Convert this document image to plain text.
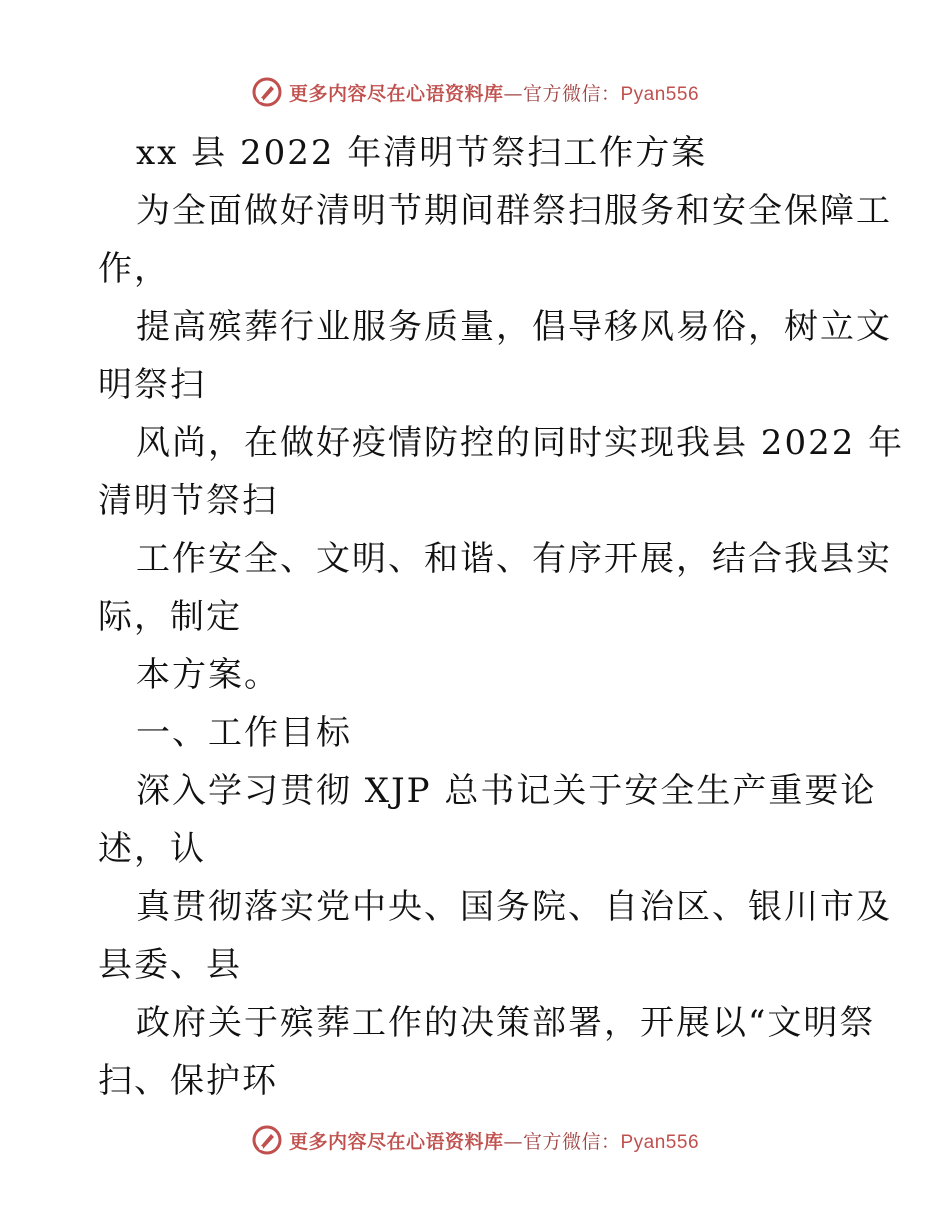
更多内容尽在心语资料库—官方微信：Pyan556
xx 县 2022 年清明节祭扫工作方案
为全面做好清明节期间群祭扫服务和安全保障工
作，
提高殡葬行业服务质量，倡导移风易俗，树立文
明祭扫
风尚，在做好疫情防控的同时实现我县 2022 年
清明节祭扫
工作安全、文明、和谐、有序开展，结合我县实
际，制定
本方案。
一、工作目标
深入学习贯彻 XJP 总书记关于安全生产重要论
述，认
真贯彻落实党中央、国务院、自治区、银川市及
县委、县
政府关于殡葬工作的决策部署，开展以“文明祭
扫、保护环
更多内容尽在心语资料库—官方微信：Pyan556
